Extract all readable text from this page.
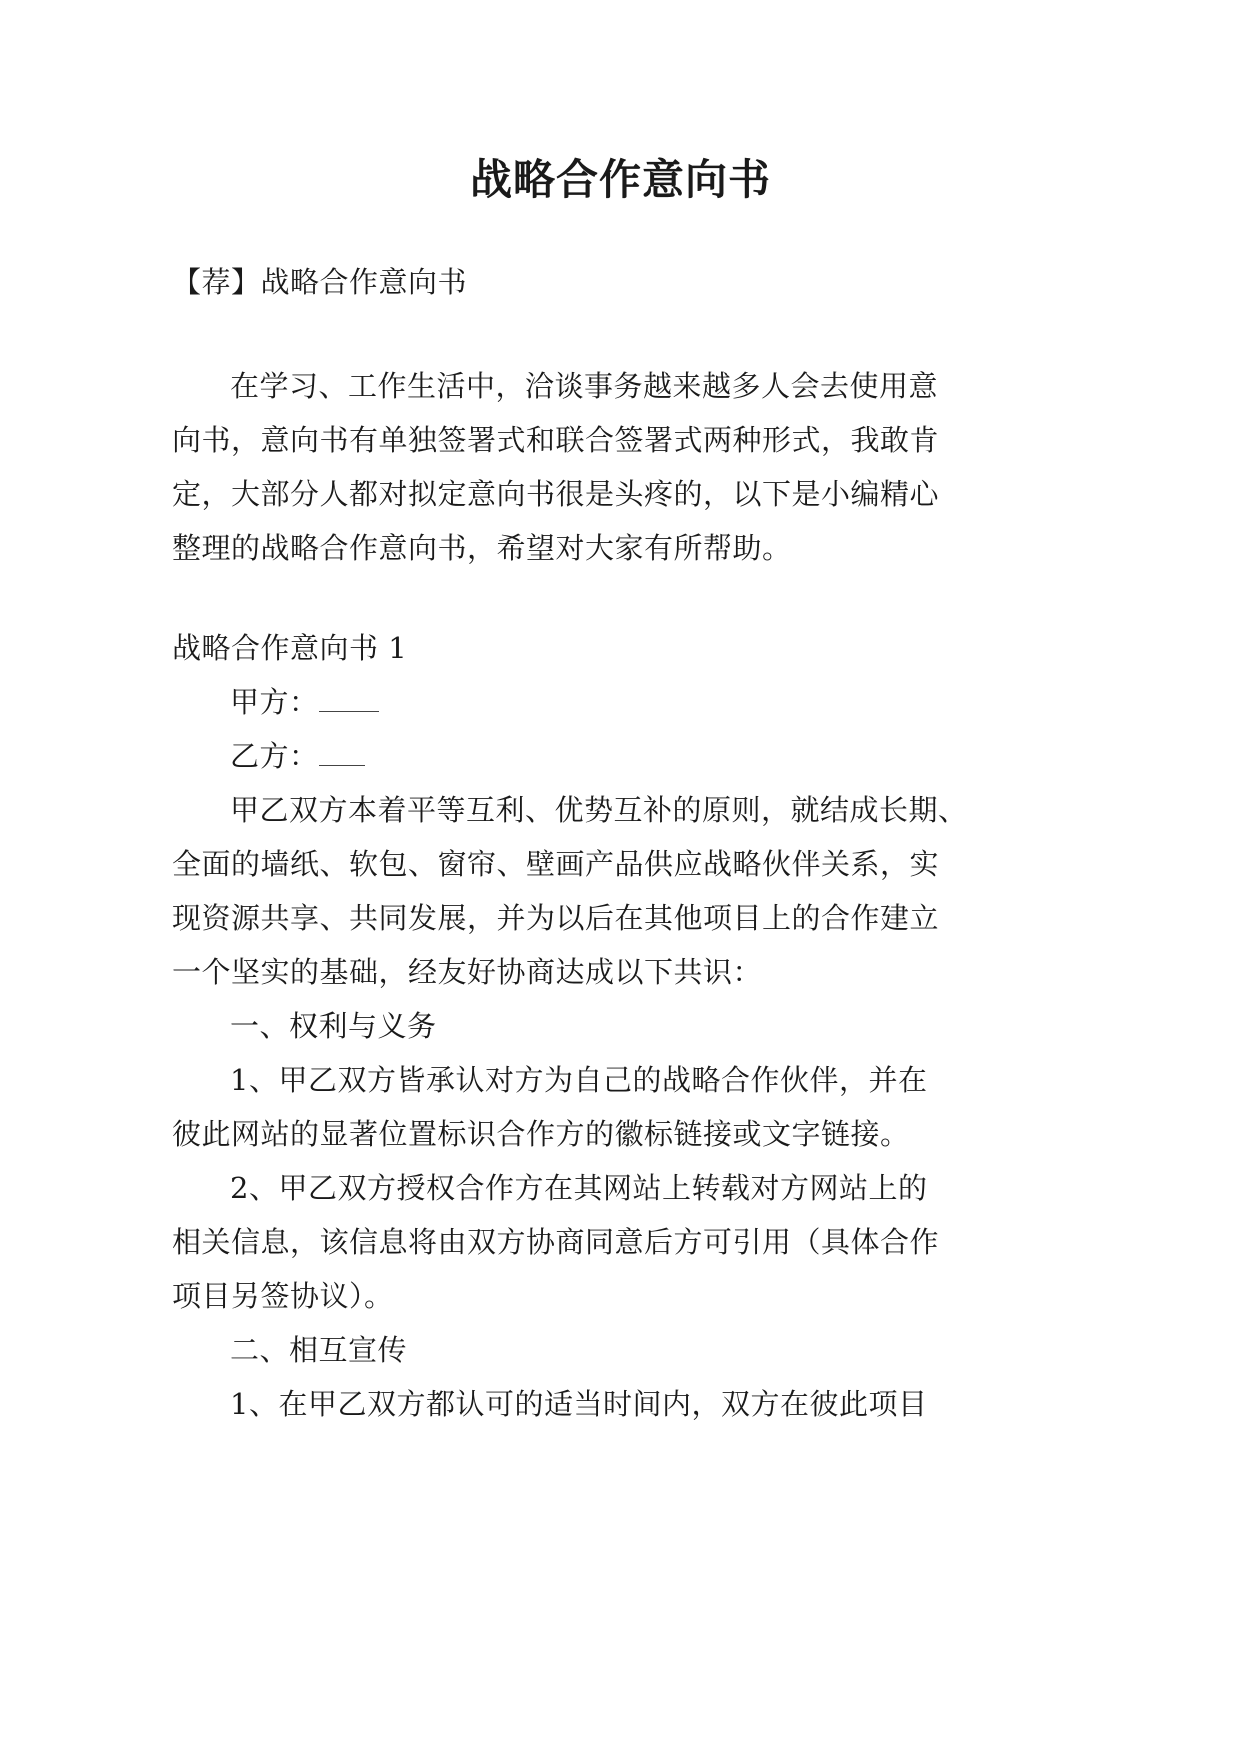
战略合作意向书
【荐】战略合作意向书
在学习、工作生活中，洽谈事务越来越多人会去使用意
向书，意向书有单独签署式和联合签署式两种形式，我敢肯
定，大部分人都对拟定意向书很是头疼的，以下是小编精心
整理的战略合作意向书，希望对大家有所帮助。
战略合作意向书 1
甲方：
乙方：
甲乙双方本着平等互利、优势互补的原则，就结成长期、
全面的墙纸、软包、窗帘、壁画产品供应战略伙伴关系，实
现资源共享、共同发展，并为以后在其他项目上的合作建立
一个坚实的基础，经友好协商达成以下共识：
一、权利与义务
1、甲乙双方皆承认对方为自己的战略合作伙伴，并在
彼此网站的显著位置标识合作方的徽标链接或文字链接。
2、甲乙双方授权合作方在其网站上转载对方网站上的
相关信息，该信息将由双方协商同意后方可引用（具体合作
项目另签协议）。
二、相互宣传
1、在甲乙双方都认可的适当时间内，双方在彼此项目
